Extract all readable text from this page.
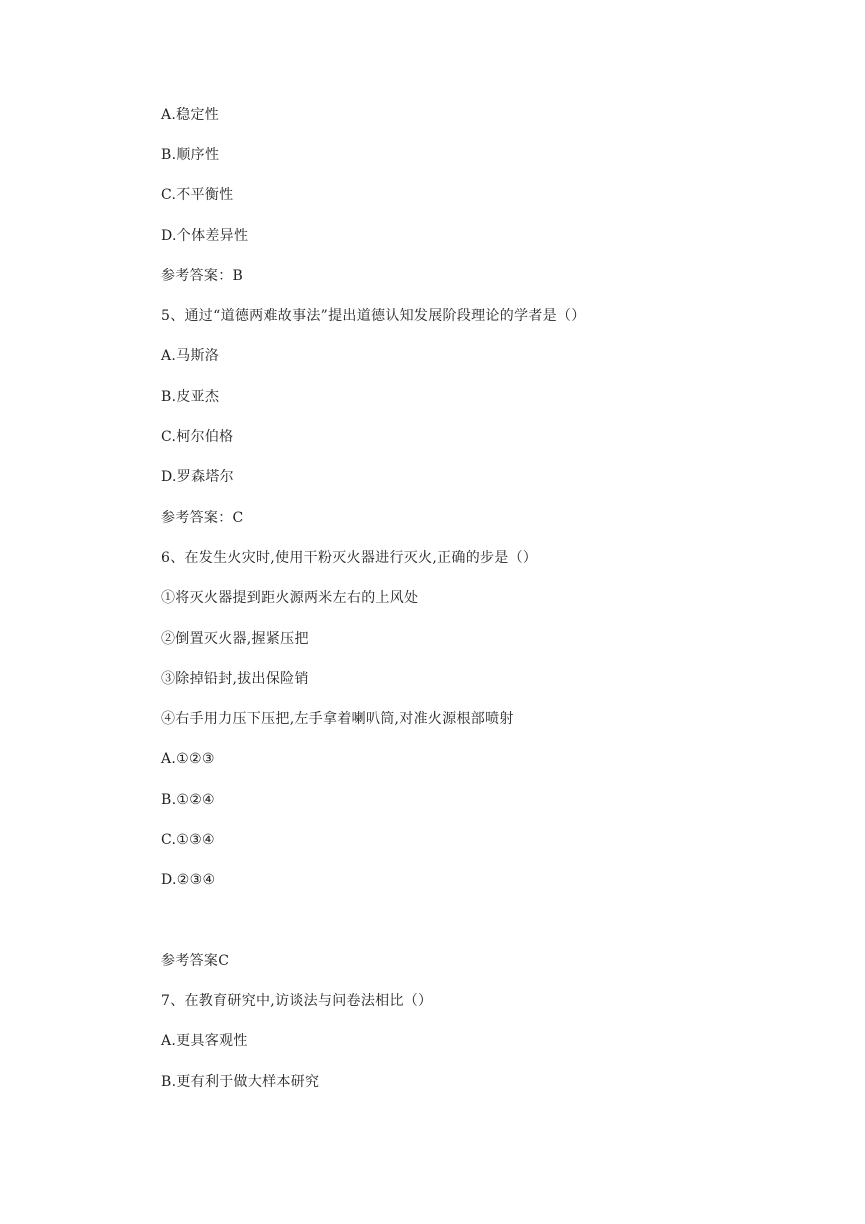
A.稳定性
B.顺序性
C.不平衡性
D.个体差异性
参考答案：B
5、通过“道德两难故事法”提出道德认知发展阶段理论的学者是（）
A.马斯洛
B.皮亚杰
C.柯尔伯格
D.罗森塔尔
参考答案：C
6、在发生火灾时,使用干粉灭火器进行灭火,正确的步是（）
①将灭火器提到距火源两米左右的上风处
②倒置灭火器,握紧压把
③除掉铅封,拔出保险销
④右手用力压下压把,左手拿着喇叭筒,对准火源根部喷射
A.①②③
B.①②④
C.①③④
D.②③④
参考答案C
7、在教育研究中,访谈法与问卷法相比（）
A.更具客观性
B.更有利于做大样本研究
